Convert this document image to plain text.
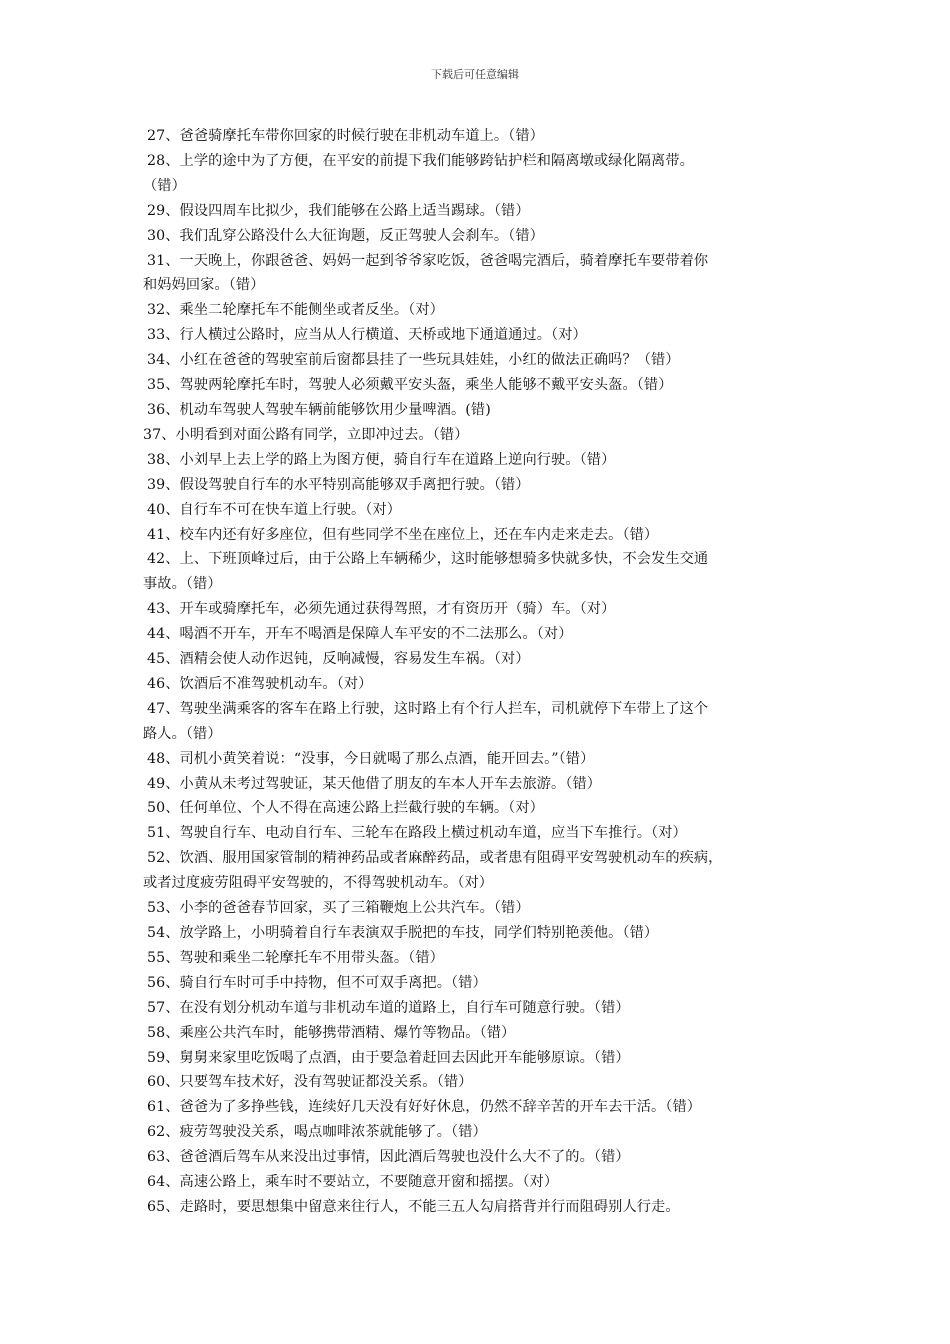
下载后可任意编辑
27、爸爸骑摩托车带你回家的时候行驶在非机动车道上。（错）
28、上学的途中为了方便，在平安的前提下我们能够跨钻护栏和隔离墩或绿化隔离带。
（错）
29、假设四周车比拟少，我们能够在公路上适当踢球。（错）
30、我们乱穿公路没什么大征询题，反正驾驶人会刹车。（错）
31、一天晚上，你跟爸爸、妈妈一起到爷爷家吃饭，爸爸喝完酒后，骑着摩托车要带着你
和妈妈回家。（错）
32、乘坐二轮摩托车不能侧坐或者反坐。（对）
33、行人横过公路时，应当从人行横道、天桥或地下通道通过。（对）
34、小红在爸爸的驾驶室前后窗都县挂了一些玩具娃娃，小红的做法正确吗？（错）
35、驾驶两轮摩托车时，驾驶人必须戴平安头盔，乘坐人能够不戴平安头盔。（错）
36、机动车驾驶人驾驶车辆前能够饮用少量啤酒。(错)
37、小明看到对面公路有同学，立即冲过去。（错）
38、小刘早上去上学的路上为图方便，骑自行车在道路上逆向行驶。（错）
39、假设驾驶自行车的水平特别高能够双手离把行驶。（错）
40、自行车不可在快车道上行驶。（对）
41、校车内还有好多座位，但有些同学不坐在座位上，还在车内走来走去。（错）
42、上、下班顶峰过后，由于公路上车辆稀少，这时能够想骑多快就多快，不会发生交通
事故。（错）
43、开车或骑摩托车，必须先通过获得驾照，才有资历开（骑）车。（对）
44、喝酒不开车，开车不喝酒是保障人车平安的不二法那么。（对）
45、酒精会使人动作迟钝，反响减慢，容易发生车祸。（对）
46、饮酒后不准驾驶机动车。（对）
47、驾驶坐满乘客的客车在路上行驶，这时路上有个行人拦车，司机就停下车带上了这个
路人。（错）
48、司机小黄笑着说：“没事，今日就喝了那么点酒，能开回去。”（错）
49、小黄从未考过驾驶证，某天他借了朋友的车本人开车去旅游。（错）
50、任何单位、个人不得在高速公路上拦截行驶的车辆。（对）
51、驾驶自行车、电动自行车、三轮车在路段上横过机动车道，应当下车推行。（对）
52、饮酒、服用国家管制的精神药品或者麻醉药品，或者患有阻碍平安驾驶机动车的疾病，
或者过度疲劳阻碍平安驾驶的，不得驾驶机动车。（对）
53、小李的爸爸春节回家，买了三箱鞭炮上公共汽车。（错）
54、放学路上，小明骑着自行车表演双手脱把的车技，同学们特别艳羡他。（错）
55、驾驶和乘坐二轮摩托车不用带头盔。（错）
56、骑自行车时可手中持物，但不可双手离把。（错）
57、在没有划分机动车道与非机动车道的道路上，自行车可随意行驶。（错）
58、乘座公共汽车时，能够携带酒精、爆竹等物品。（错）
59、舅舅来家里吃饭喝了点酒，由于要急着赶回去因此开车能够原谅。（错）
60、只要驾车技术好，没有驾驶证都没关系。（错）
61、爸爸为了多挣些钱，连续好几天没有好好休息，仍然不辞辛苦的开车去干活。（错）
62、疲劳驾驶没关系，喝点咖啡浓茶就能够了。（错）
63、爸爸酒后驾车从来没出过事情，因此酒后驾驶也没什么大不了的。（错）
64、高速公路上，乘车时不要站立，不要随意开窗和摇摆。（对）
65、走路时，要思想集中留意来往行人，不能三五人勾肩搭背并行而阻碍别人行走。
